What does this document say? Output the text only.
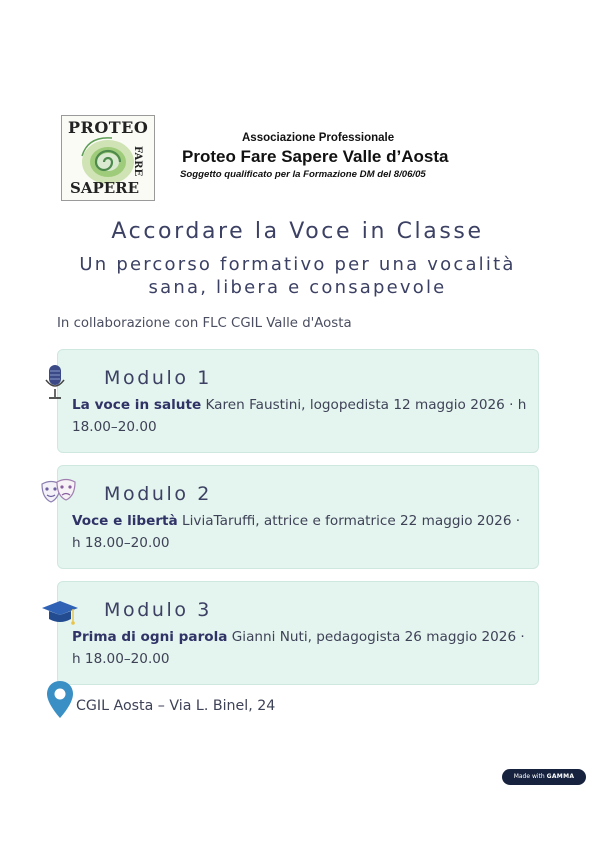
PROTEO
SAPERE
FARE
Associazione Professionale
Proteo Fare Sapere Valle d’Aosta
Soggetto qualificato per la Formazione DM del 8/06/05
Accordare la Voce in Classe
Un percorso formativo per una vocalità
sana, libera e consapevole
In collaborazione con FLC CGIL Valle d'Aosta
Modulo 1
La voce in salute Karen Faustini, logopedista 12 maggio 2026 · h 18.00–20.00
Modulo 2
Voce e libertà LiviaTaruffi, attrice e formatrice 22 maggio 2026 · h 18.00–20.00
Modulo 3
Prima di ogni parola Gianni Nuti, pedagogista 26 maggio 2026 · h 18.00–20.00
CGIL Aosta – Via L. Binel, 24
Made with GAMMA
